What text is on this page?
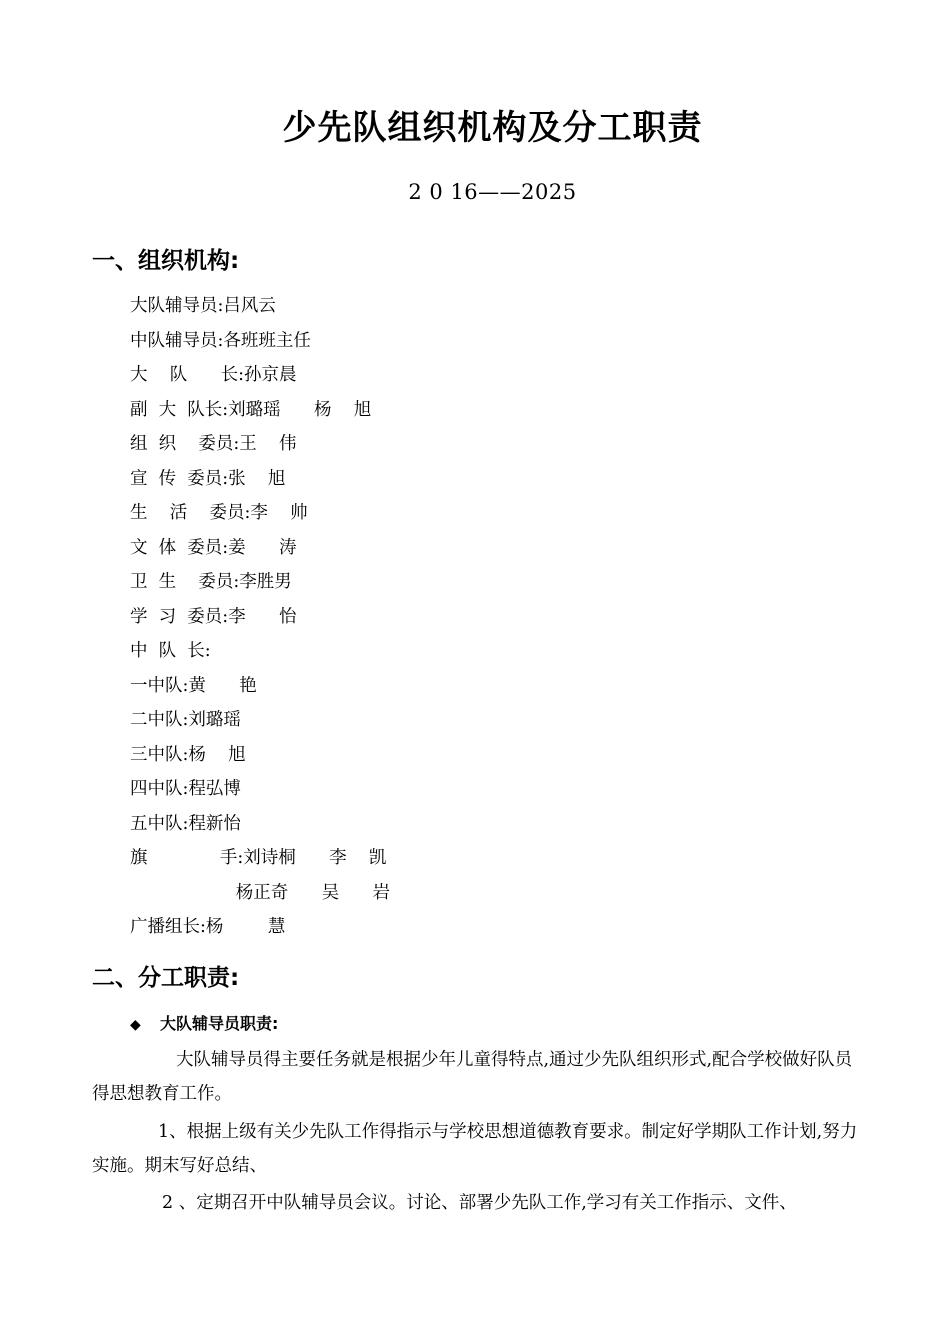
少先队组织机构及分工职责

2 0 16——2025

一、组织机构:
大队辅导员:吕风云
中队辅导员:各班班主任
大    队      长:孙京晨
副  大  队长:刘璐瑶      杨    旭
组  织    委员:王    伟
宣  传  委员:张    旭
生    活    委员:李    帅
文  体  委员:姜      涛
卫  生    委员:李胜男
学  习  委员:李      怡
中  队  长:
一中队:黄      艳
二中队:刘璐瑶
三中队:杨    旭
四中队:程弘博
五中队:程新怡
旗             手:刘诗桐      李    凯
杨正奇      吴      岩
广播组长:杨        慧
二、分工职责:
◆ 大队辅导员职责:

大队辅导员得主要任务就是根据少年儿童得特点,通过少先队组织形式,配合学校做好队员得思想教育工作。

1、根据上级有关少先队工作得指示与学校思想道德教育要求。制定好学期队工作计划,努力实施。期末写好总结、

2 、定期召开中队辅导员会议。讨论、部署少先队工作,学习有关工作指示、文件、
